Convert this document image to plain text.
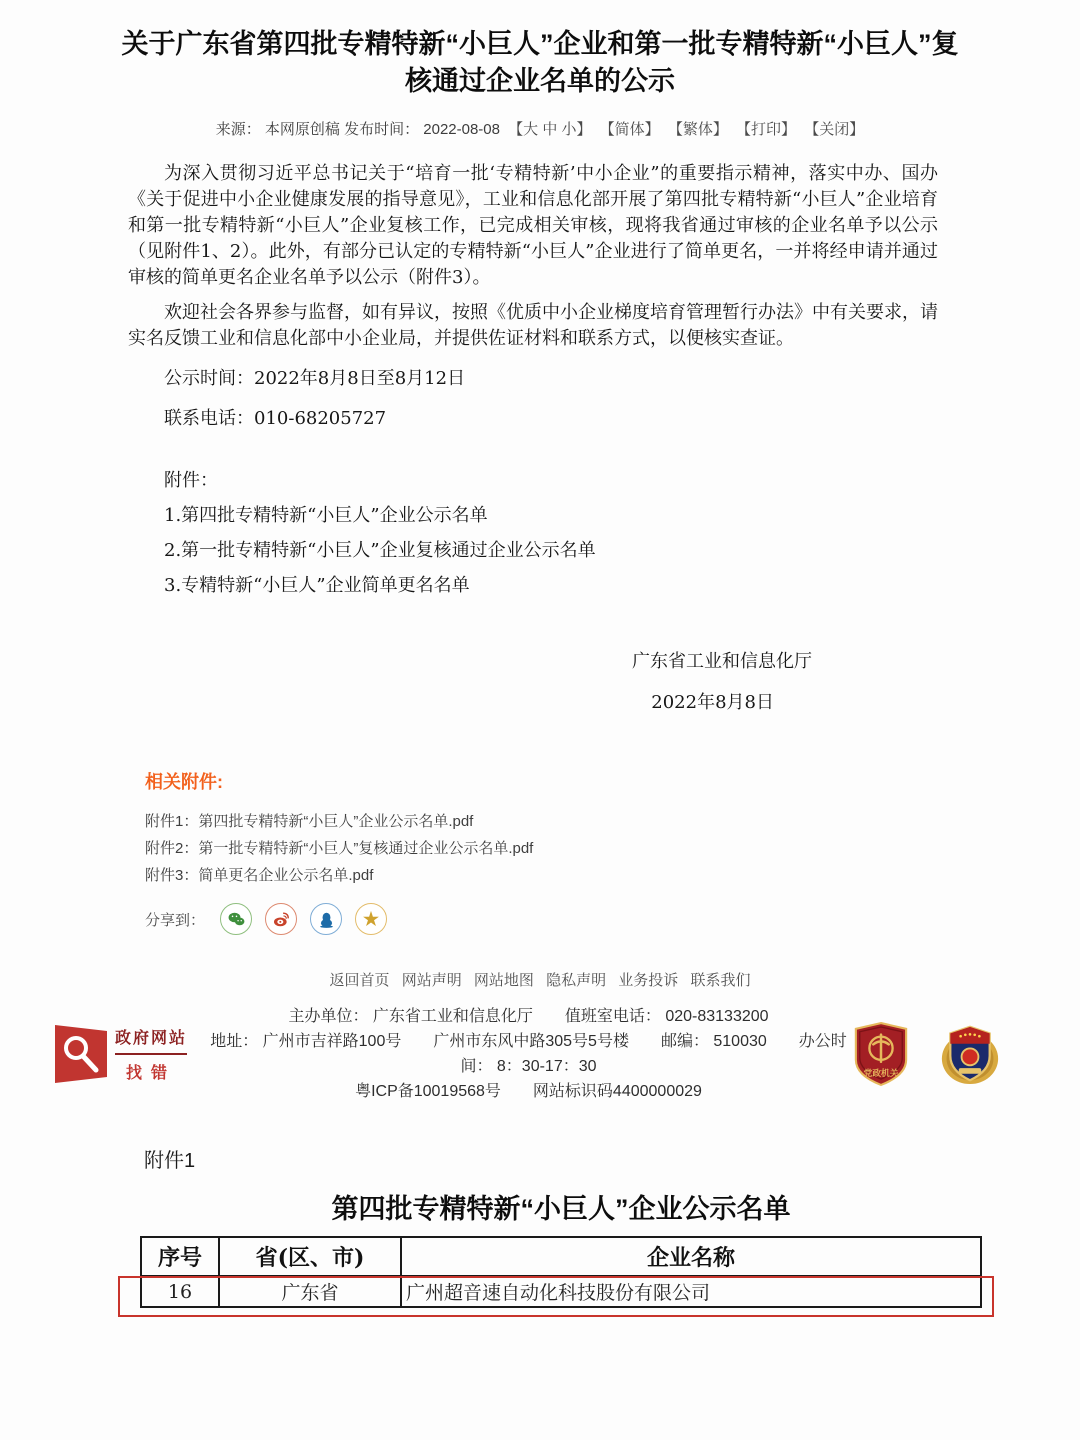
关于广东省第四批专精特新“小巨人”企业和第一批专精特新“小巨人”复核通过企业名单的公示
来源： 本网原创稿 发布时间： 2022-08-08 【大 中 小】 【简体】 【繁体】 【打印】 【关闭】

为深入贯彻习近平总书记关于“培育一批‘专精特新’中小企业”的重要指示精神，落实中办、国办《关于促进中小企业健康发展的指导意见》，工业和信息化部开展了第四批专精特新“小巨人”企业培育和第一批专精特新“小巨人”企业复核工作，已完成相关审核，现将我省通过审核的企业名单予以公示（见附件1、2）。此外，有部分已认定的专精特新“小巨人”企业进行了简单更名，一并将经申请并通过审核的简单更名企业名单予以公示（附件3）。

欢迎社会各界参与监督，如有异议，按照《优质中小企业梯度培育管理暂行办法》中有关要求，请实名反馈工业和信息化部中小企业局，并提供佐证材料和联系方式，以便核实查证。

公示时间：2022年8月8日至8月12日

联系电话：010-68205727

附件：

1.第四批专精特新“小巨人”企业公示名单

2.第一批专精特新“小巨人”企业复核通过企业公示名单

3.专精特新“小巨人”企业简单更名名单

广东省工业和信息化厅
2022年8月8日
相关附件:
附件1：第四批专精特新“小巨人”企业公示名单.pdf
附件2：第一批专精特新“小巨人”复核通过企业公示名单.pdf
附件3：简单更名企业公示名单.pdf
分享到：	★
返回首页 网站声明 网站地图 隐私声明 业务投诉 联系我们
政府网站
找错
主办单位： 广东省工业和信息化厅　　值班室电话： 020-83133200
地址： 广州市吉祥路100号　　广州市东风中路305号5号楼　　邮编： 510030　　办公时间： 8：30-17：30
粤ICP备10019568号　　网站标识码4400000029
党政机关
附件1
第四批专精特新“小巨人”企业公示名单
序号	省(区、市)	企业名称
16	广东省	广州超音速自动化科技股份有限公司
